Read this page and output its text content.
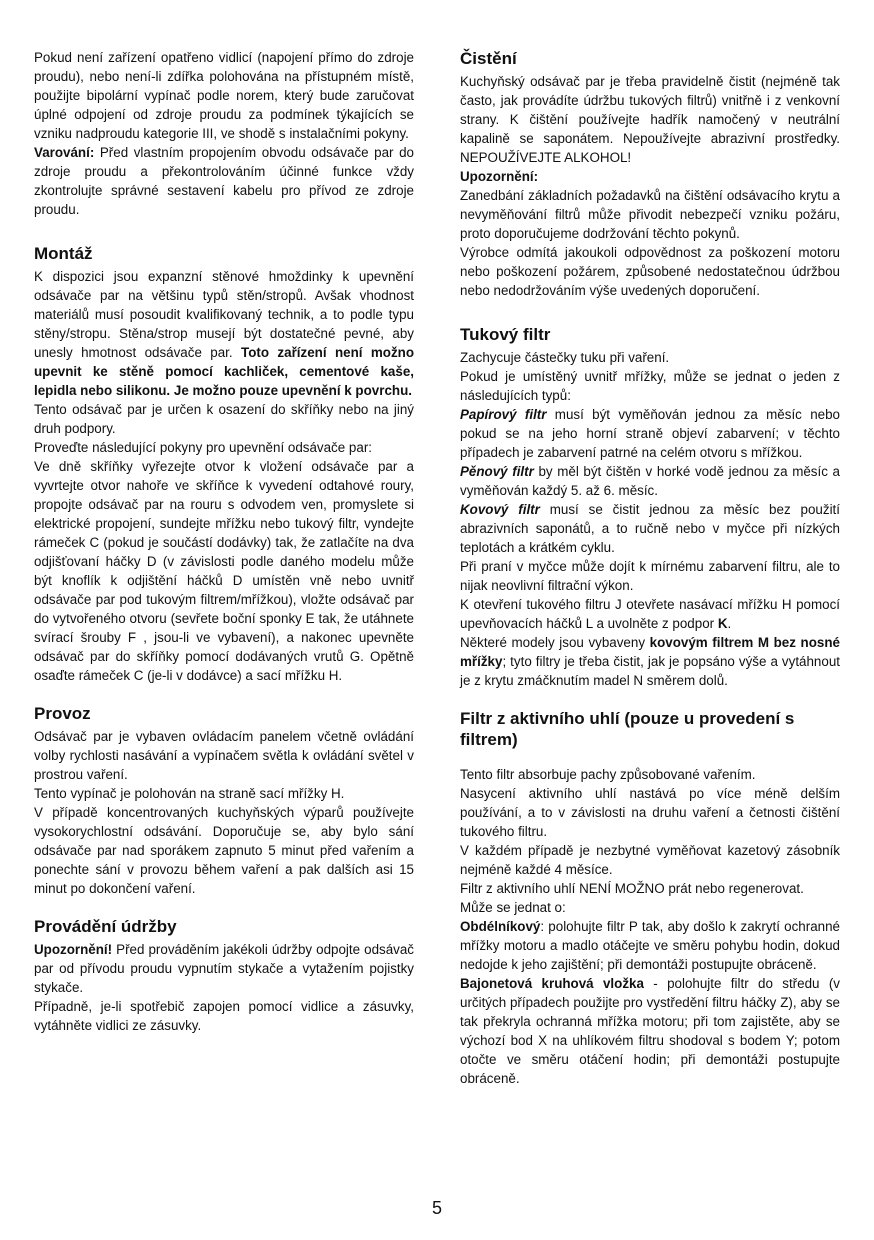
Pokud není zařízení opatřeno vidlicí (napojení přímo do zdroje proudu), nebo není-li zdířka polohována na přístupném místě, použijte bipolární vypínač podle norem, který bude zaručovat úplné odpojení od zdroje proudu za podmínek týkajících se vzniku nadproudu kategorie III, ve shodě s instalačními pokyny.

Varování: Před vlastním propojením obvodu odsávače par do zdroje proudu a překontrolováním účinné funkce vždy zkontrolujte správné sestavení kabelu pro přívod ze zdroje proudu.

Montáž

K dispozici jsou expanzní stěnové hmoždinky k upevnění odsávače par na většinu typů stěn/stropů. Avšak vhodnost materiálů musí posoudit kvalifikovaný technik, a to podle typu stěny/stropu. Stěna/strop musejí být dostatečné pevné, aby unesly hmotnost odsávače par. Toto zařízení není možno upevnit ke stěně pomocí kachliček, cementové kaše, lepidla nebo silikonu. Je možno pouze upevnění k povrchu.

Tento odsávač par je určen k osazení do skříňky nebo na jiný druh podpory.

Proveďte následující pokyny pro upevnění odsávače par:

Ve dně skříňky vyřezejte otvor k vložení odsávače par a vyvrtejte otvor nahoře ve skříňce k vyvedení odtahové roury, propojte odsávač par na rouru s odvodem ven, promyslete si elektrické propojení, sundejte mřížku nebo tukový filtr, vyndejte rámeček C (pokud je součástí dodávky) tak, že zatlačíte na dva odjišťovaní háčky D (v závislosti podle daného modelu může být knoflík k odjištění háčků D umístěn vně nebo uvnitř odsávače par pod tukovým filtrem/mřížkou), vložte odsávač par do vytvořeného otvoru (sevřete boční sponky E tak, že utáhnete svírací šrouby F , jsou-li ve vybavení), a nakonec upevněte odsávač par do skříňky pomocí dodávaných vrutů G. Opětně osaďte rámeček C (je-li v dodávce) a sací mřížku H.

Provoz

Odsávač par je vybaven ovládacím panelem včetně ovládání volby rychlosti nasávání a vypínačem světla k ovládání světel v prostrou vaření.

Tento vypínač je polohován na straně sací mřížky H.

V případě koncentrovaných kuchyňských výparů používejte vysokorychlostní odsávání. Doporučuje se, aby bylo sání odsávače par nad sporákem zapnuto 5 minut před vařením a ponechte sání v provozu během vaření a pak dalších asi 15 minut po dokončení vaření.

Provádění údržby

Upozornění! Před prováděním jakékoli údržby odpojte odsávač par od přívodu proudu vypnutím stykače a vytažením pojistky stykače.

Případně, je-li spotřebič zapojen pomocí vidlice a zásuvky, vytáhněte vidlici ze zásuvky.

Čistění

Kuchyňský odsávač par je třeba pravidelně čistit (nejméně tak často, jak provádíte údržbu tukových filtrů) vnitřně i z venkovní strany. K čištění používejte hadřík namočený v neutrální kapalině se saponátem. Nepoužívejte abrazivní prostředky. NEPOUŽÍVEJTE ALKOHOL!

Upozornění:

Zanedbání základních požadavků na čištění odsávacího krytu a nevyměňování filtrů může přivodit nebezpečí vzniku požáru, proto doporučujeme dodržování těchto pokynů.

Výrobce odmítá jakoukoli odpovědnost za poškození motoru nebo poškození požárem, způsobené nedostatečnou údržbou nebo nedodržováním výše uvedených doporučení.

Tukový filtr

Zachycuje částečky tuku při vaření.

Pokud je umístěný uvnitř mřížky, může se jednat o jeden z následujících typů:

Papírový filtr musí být vyměňován jednou za měsíc nebo pokud se na jeho horní straně objeví zabarvení; v těchto případech je zabarvení patrné na celém otvoru s mřížkou.

Pěnový filtr by měl být čištěn v horké vodě jednou za měsíc a vyměňován každý 5. až 6. měsíc.

Kovový filtr musí se čistit jednou za měsíc bez použití abrazivních saponátů, a to ručně nebo v myčce při nízkých teplotách a krátkém cyklu.

Při praní v myčce může dojít k mírnému zabarvení filtru, ale to nijak neovlivní filtrační výkon.

K otevření tukového filtru J otevřete nasávací mřížku H pomocí upevňovacích háčků L a uvolněte z podpor K.

Některé modely jsou vybaveny kovovým filtrem M bez nosné mřížky; tyto filtry je třeba čistit, jak je popsáno výše a vytáhnout je z krytu zmáčknutím madel N směrem dolů.

Filtr z aktivního uhlí (pouze u provedení s filtrem)

Tento filtr absorbuje pachy způsobované vařením.

Nasycení aktivního uhlí nastává po více méně delším používání, a to v závislosti na druhu vaření a četnosti čištění tukového filtru.

V každém případě je nezbytné vyměňovat kazetový zásobník nejméně každé 4 měsíce.

Filtr z aktivního uhlí NENÍ MOŽNO prát nebo regenerovat.

Může se jednat o:

Obdélníkový: polohujte filtr P tak, aby došlo k zakrytí ochranné mřížky motoru a madlo otáčejte ve směru pohybu hodin, dokud nedojde k jeho zajištění; při demontáži postupujte obráceně.

Bajonetová kruhová vložka - polohujte filtr do středu (v určitých případech použijte pro vystředění filtru háčky Z), aby se tak překryla ochranná mřížka motoru; při tom zajistěte, aby se výchozí bod X na uhlíkovém filtru shodoval s bodem Y; potom otočte ve směru otáčení hodin; při demontáži postupujte obráceně.

5
